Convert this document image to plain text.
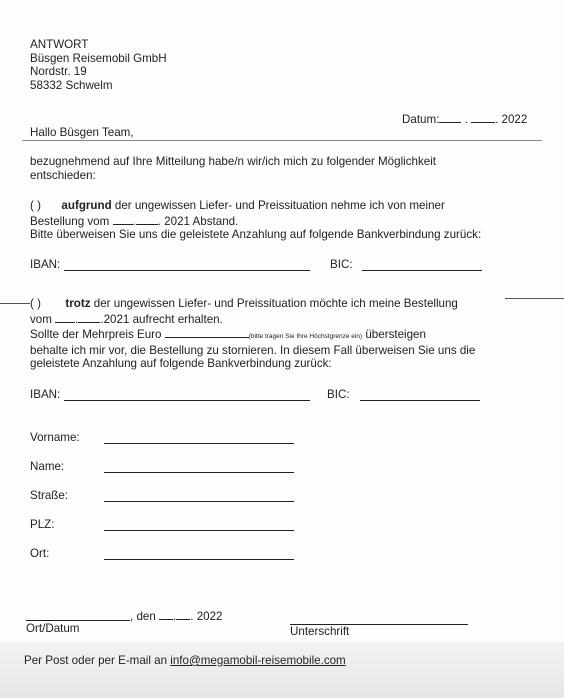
ANTWORT
Büsgen Reisemobil GmbH
Nordstr. 19
58332 Schwelm
Datum: . . 2022
Hallo Büsgen Team,
bezugnehmend auf Ihre Mitteilung habe/n wir/ich mich zu folgender Möglichkeit
entschieden:
( ) aufgrund der ungewissen Liefer- und Preissituation nehme ich von meiner
Bestellung vom . . 2021 Abstand.
Bitte überweisen Sie uns die geleistete Anzahlung auf folgende Bankverbindung zurück:
IBAN:	BIC:
( ) trotz der ungewissen Liefer- und Preissituation möchte ich meine Bestellung
vom . .2021 aufrecht erhalten.
Sollte der Mehrpreis Euro	(bitte tragen Sie Ihre Höchstgrenze ein) übersteigen
behalte ich mir vor, die Bestellung zu stornieren. In diesem Fall überweisen Sie uns die
geleistete Anzahlung auf folgende Bankverbindung zurück:
IBAN:	BIC:
Vorname:
Name:
Straße:
PLZ:
Ort:
, den . . 2022
Ort/Datum	Unterschrift
Per Post oder per E-mail an info@megamobil-reisemobile.com
